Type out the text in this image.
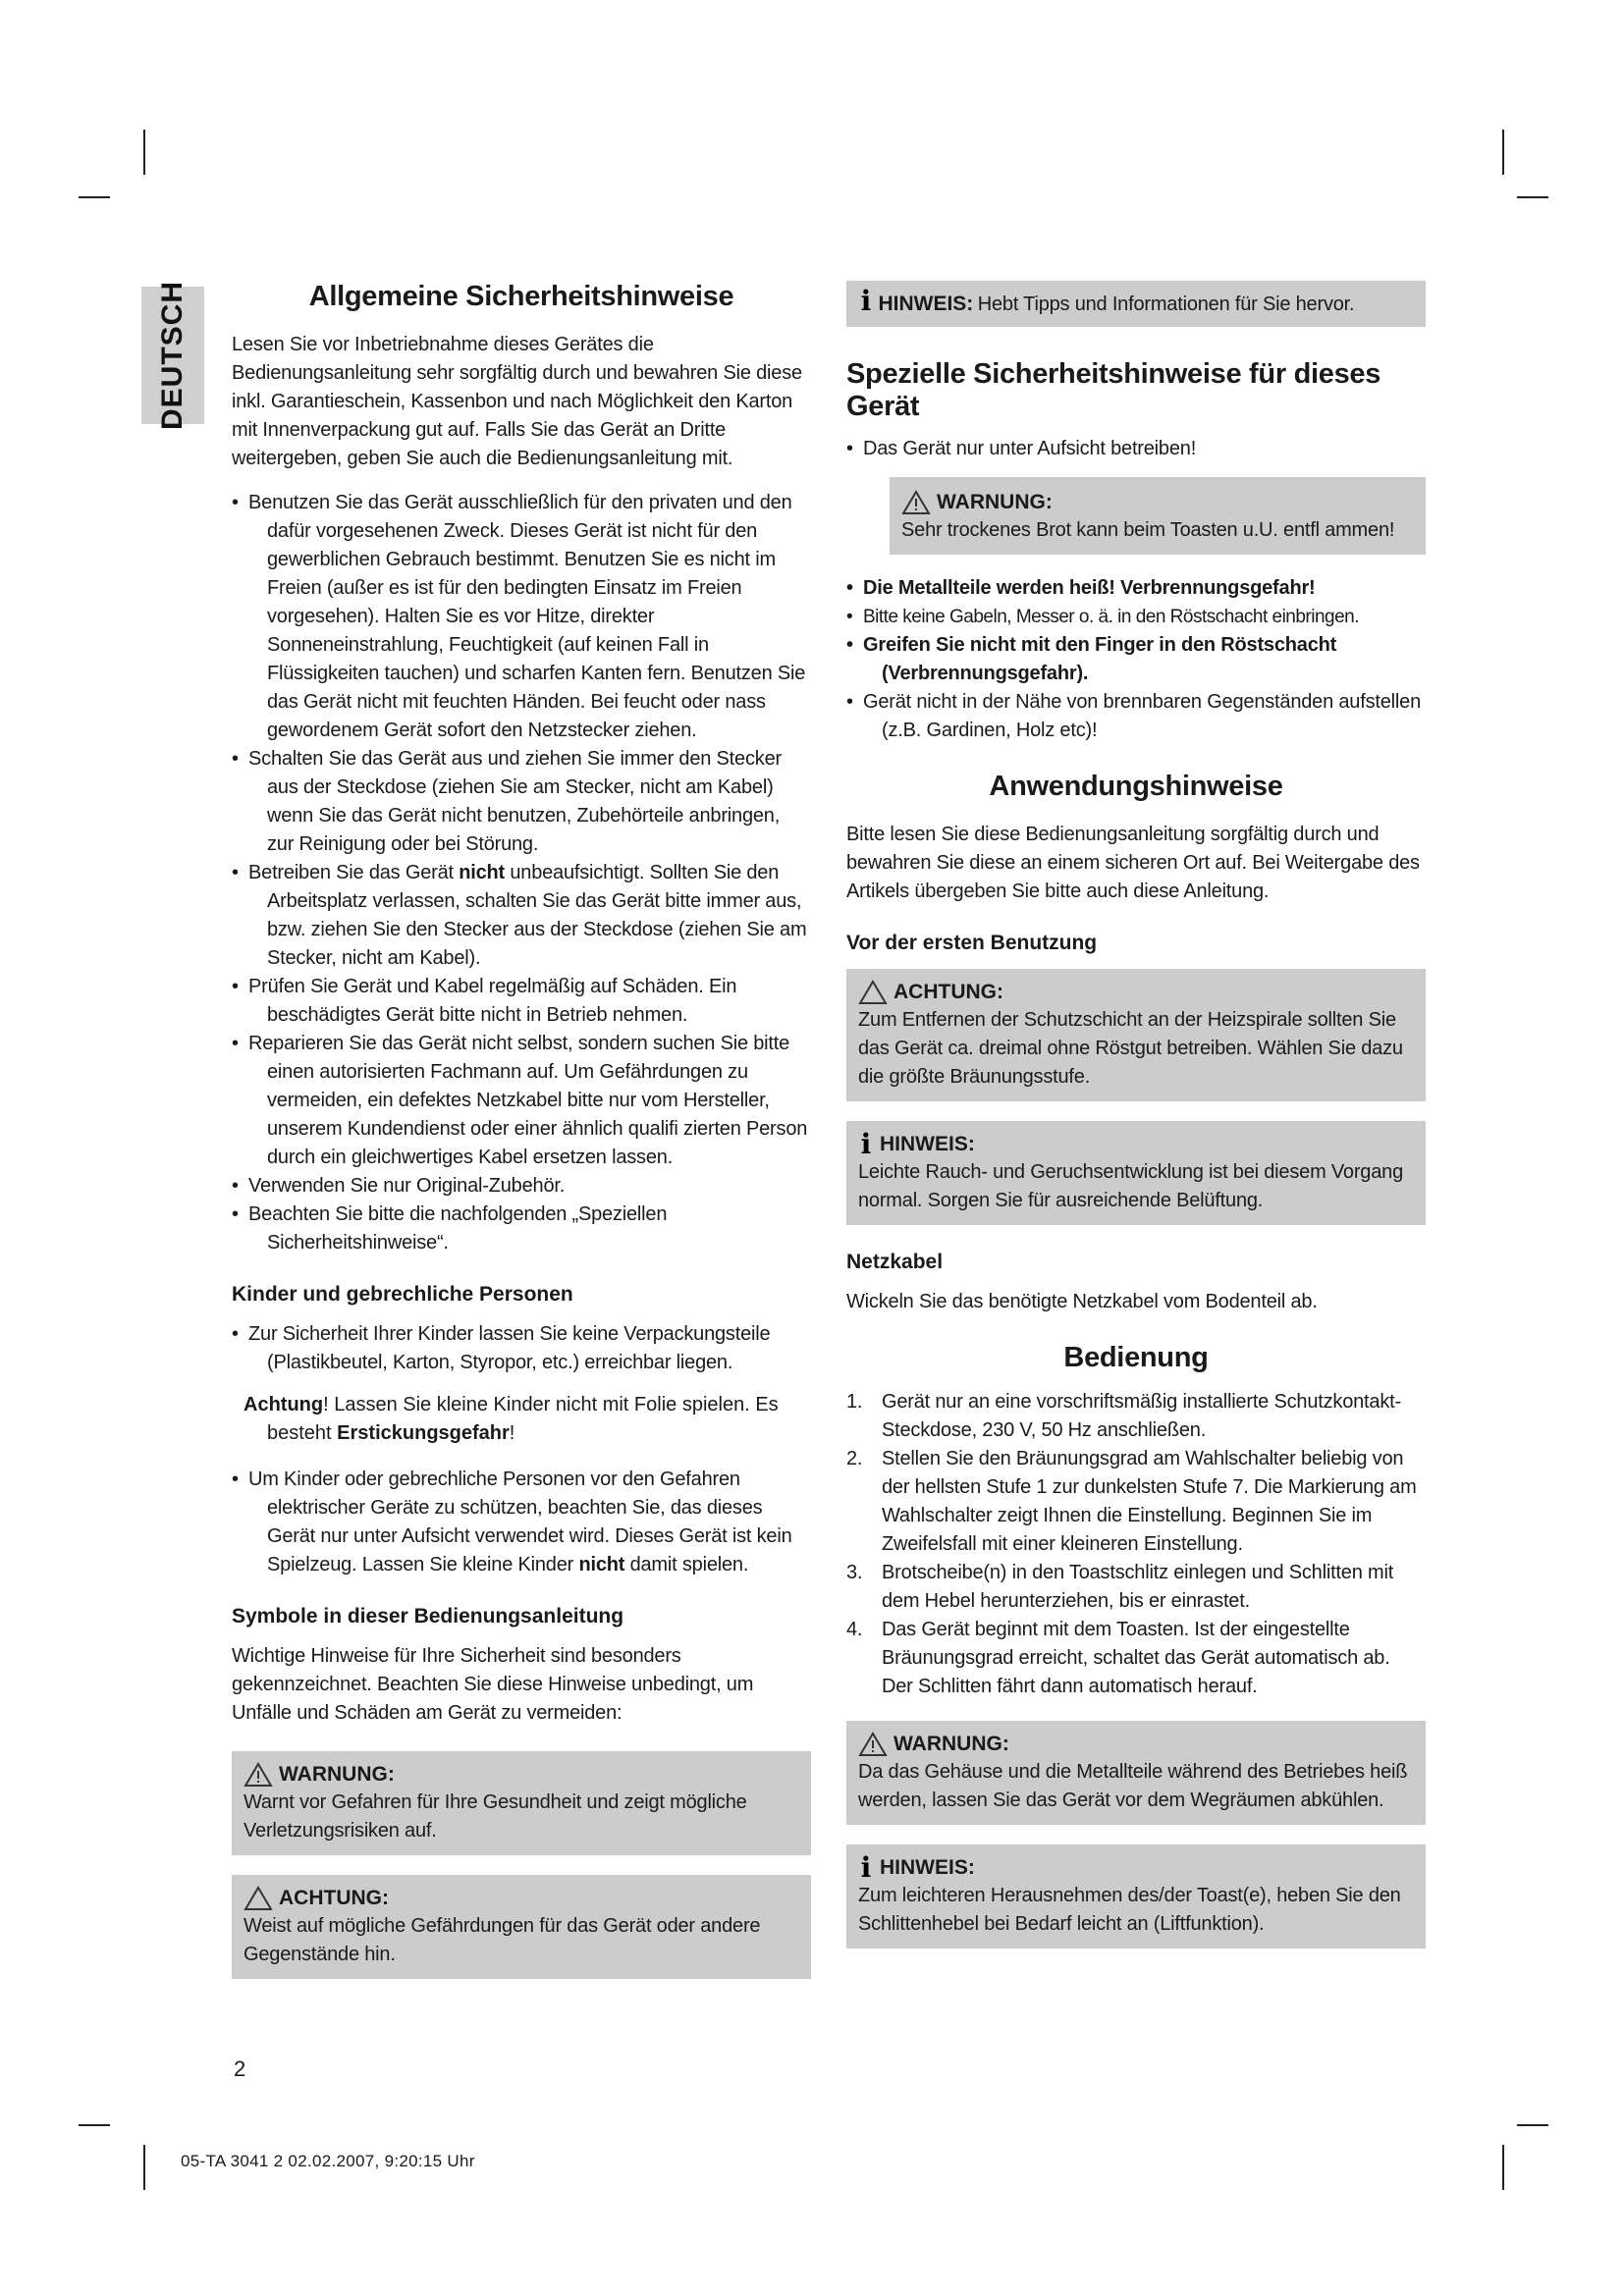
DEUTSCH	Allgemeine Sicherheitshinweise

Lesen Sie vor Inbetriebnahme dieses Gerätes die Bedienungsanleitung sehr sorgfältig durch und bewahren Sie diese inkl. Garantieschein, Kassenbon und nach Möglichkeit den Karton mit Innenverpackung gut auf. Falls Sie das Gerät an Dritte weitergeben, geben Sie auch die Bedienungsanleitung mit.

• Benutzen Sie das Gerät ausschließlich für den privaten und den dafür vorgesehenen Zweck. Dieses Gerät ist nicht für den gewerblichen Gebrauch bestimmt. Benutzen Sie es nicht im Freien (außer es ist für den bedingten Einsatz im Freien vorgesehen). Halten Sie es vor Hitze, direkter Sonneneinstrahlung, Feuchtigkeit (auf keinen Fall in Flüssigkeiten tauchen) und scharfen Kanten fern. Benutzen Sie das Gerät nicht mit feuchten Händen. Bei feucht oder nass gewordenem Gerät sofort den Netzstecker ziehen.
• Schalten Sie das Gerät aus und ziehen Sie immer den Stecker aus der Steckdose (ziehen Sie am Stecker, nicht am Kabel) wenn Sie das Gerät nicht benutzen, Zubehörteile anbringen, zur Reinigung oder bei Störung.
• Betreiben Sie das Gerät nicht unbeaufsichtigt. Sollten Sie den Arbeitsplatz verlassen, schalten Sie das Gerät bitte immer aus, bzw. ziehen Sie den Stecker aus der Steckdose (ziehen Sie am Stecker, nicht am Kabel).
• Prüfen Sie Gerät und Kabel regelmäßig auf Schäden. Ein beschädigtes Gerät bitte nicht in Betrieb nehmen.
• Reparieren Sie das Gerät nicht selbst, sondern suchen Sie bitte einen autorisierten Fachmann auf. Um Gefährdungen zu vermeiden, ein defektes Netzkabel bitte nur vom Hersteller, unserem Kundendienst oder einer ähnlich qualifi zierten Person durch ein gleichwertiges Kabel ersetzen lassen.
• Verwenden Sie nur Original-Zubehör.
• Beachten Sie bitte die nachfolgenden „Speziellen Sicherheitshinweise“.
Kinder und gebrechliche Personen
• Zur Sicherheit Ihrer Kinder lassen Sie keine Verpackungsteile (Plastikbeutel, Karton, Styropor, etc.) erreichbar liegen.

Achtung! Lassen Sie kleine Kinder nicht mit Folie spielen. Es besteht Erstickungsgefahr!

• Um Kinder oder gebrechliche Personen vor den Gefahren elektrischer Geräte zu schützen, beachten Sie, das dieses Gerät nur unter Aufsicht verwendet wird. Dieses Gerät ist kein Spielzeug. Lassen Sie kleine Kinder nicht damit spielen.
Symbole in dieser Bedienungsanleitung

Wichtige Hinweise für Ihre Sicherheit sind besonders gekennzeichnet. Beachten Sie diese Hinweise unbedingt, um Unfälle und Schäden am Gerät zu vermeiden:

WARNUNG:
Warnt vor Gefahren für Ihre Gesundheit und zeigt mögliche Verletzungsrisiken auf.
ACHTUNG:
Weist auf mögliche Gefährdungen für das Gerät oder andere Gegenstände hin.
i HINWEIS: Hebt Tipps und Informationen für Sie hervor.
Spezielle Sicherheitshinweise für dieses Gerät
• Das Gerät nur unter Aufsicht betreiben!
WARNUNG:
Sehr trockenes Brot kann beim Toasten u.U. entfl ammen!
• Die Metallteile werden heiß! Verbrennungsgefahr!
• Bitte keine Gabeln, Messer o. ä. in den Röstschacht einbringen.
• Greifen Sie nicht mit den Finger in den Röstschacht (Verbrennungsgefahr).
• Gerät nicht in der Nähe von brennbaren Gegenständen aufstellen (z.B. Gardinen, Holz etc)!
Anwendungshinweise

Bitte lesen Sie diese Bedienungsanleitung sorgfältig durch und bewahren Sie diese an einem sicheren Ort auf. Bei Weitergabe des Artikels übergeben Sie bitte auch diese Anleitung.

Vor der ersten Benutzung
ACHTUNG:
Zum Entfernen der Schutzschicht an der Heizspirale sollten Sie das Gerät ca. dreimal ohne Röstgut betreiben. Wählen Sie dazu die größte Bräunungsstufe.
i HINWEIS:
Leichte Rauch- und Geruchsentwicklung ist bei diesem Vorgang normal. Sorgen Sie für ausreichende Belüftung.
Netzkabel

Wickeln Sie das benötigte Netzkabel vom Bodenteil ab.

Bedienung
1. Gerät nur an eine vorschriftsmäßig installierte Schutzkontakt-Steckdose, 230 V, 50 Hz anschließen.
2. Stellen Sie den Bräunungsgrad am Wahlschalter beliebig von der hellsten Stufe 1 zur dunkelsten Stufe 7. Die Markierung am Wahlschalter zeigt Ihnen die Einstellung. Beginnen Sie im Zweifelsfall mit einer kleineren Einstellung.
3. Brotscheibe(n) in den Toastschlitz einlegen und Schlitten mit dem Hebel herunterziehen, bis er einrastet.
4. Das Gerät beginnt mit dem Toasten. Ist der eingestellte Bräunungsgrad erreicht, schaltet das Gerät automatisch ab. Der Schlitten fährt dann automatisch herauf.
WARNUNG:
Da das Gehäuse und die Metallteile während des Betriebes heiß werden, lassen Sie das Gerät vor dem Wegräumen abkühlen.
i HINWEIS:
Zum leichteren Herausnehmen des/der Toast(e), heben Sie den Schlittenhebel bei Bedarf leicht an (Liftfunktion).
2
05-TA 3041 2 02.02.2007, 9:20:15 Uhr
